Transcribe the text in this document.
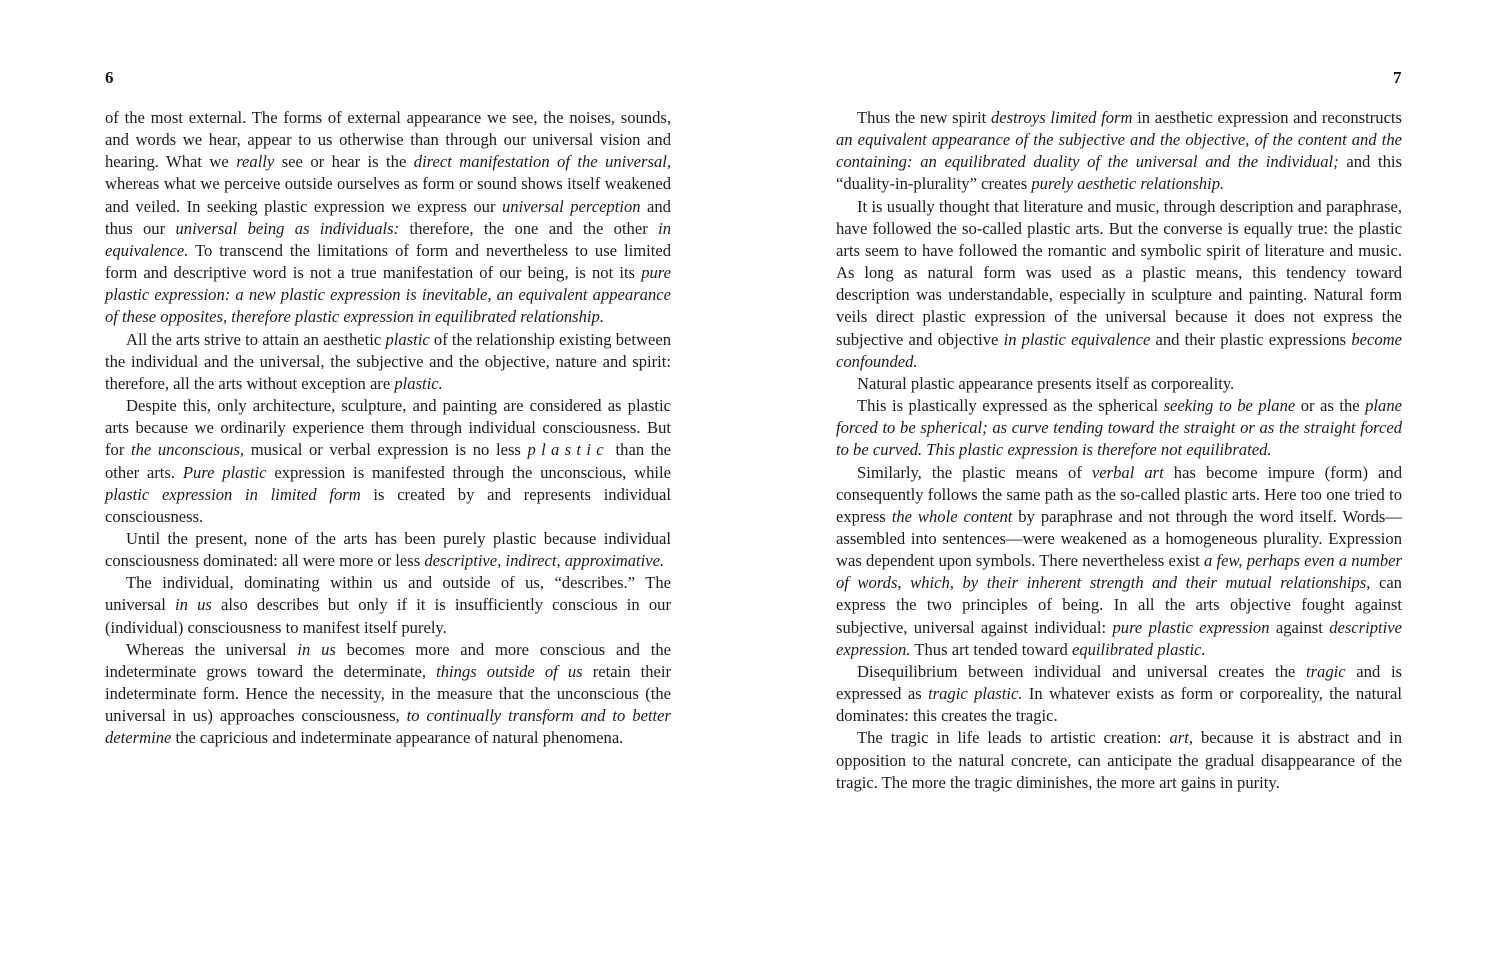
6

of the most external. The forms of external appearance we see, the noises, sounds, and words we hear, appear to us otherwise than through our universal vision and hearing. What we really see or hear is the direct manifestation of the universal, whereas what we perceive outside ourselves as form or sound shows itself weakened and veiled. In seeking plastic expression we express our universal perception and thus our universal being as individuals: therefore, the one and the other in equivalence. To transcend the limitations of form and nevertheless to use limited form and descriptive word is not a true manifestation of our being, is not its pure plastic expression: a new plastic expression is inevitable, an equivalent appearance of these opposites, therefore plastic expression in equilibrated relationship.

All the arts strive to attain an aesthetic plastic of the relationship existing between the individual and the universal, the subjective and the objective, nature and spirit: therefore, all the arts without exception are plastic.

Despite this, only architecture, sculpture, and painting are considered as plastic arts because we ordinarily experience them through individual consciousness. But for the unconscious, musical or verbal expression is no less plastic than the other arts. Pure plastic expression is manifested through the unconscious, while plastic expression in limited form is created by and represents individual consciousness.

Until the present, none of the arts has been purely plastic because individual consciousness dominated: all were more or less descriptive, indirect, approximative.

The individual, dominating within us and outside of us, “describes.” The universal in us also describes but only if it is insufficiently conscious in our (individual) consciousness to manifest itself purely.

Whereas the universal in us becomes more and more conscious and the indeterminate grows toward the determinate, things outside of us retain their indeterminate form. Hence the necessity, in the measure that the unconscious (the universal in us) approaches consciousness, to continually transform and to better determine the capricious and indeterminate appearance of natural phenomena.

7

Thus the new spirit destroys limited form in aesthetic expression and reconstructs an equivalent appearance of the subjective and the objective, of the content and the containing: an equilibrated duality of the universal and the individual; and this “duality-in-plurality” creates purely aesthetic relationship.

It is usually thought that literature and music, through description and paraphrase, have followed the so-called plastic arts. But the converse is equally true: the plastic arts seem to have followed the romantic and symbolic spirit of literature and music. As long as natural form was used as a plastic means, this tendency toward description was understandable, especially in sculpture and painting. Natural form veils direct plastic expression of the universal because it does not express the subjective and objective in plastic equivalence and their plastic expressions become confounded.

Natural plastic appearance presents itself as corporeality.

This is plastically expressed as the spherical seeking to be plane or as the plane forced to be spherical; as curve tending toward the straight or as the straight forced to be curved. This plastic expression is therefore not equilibrated.

Similarly, the plastic means of verbal art has become impure (form) and consequently follows the same path as the so-called plastic arts. Here too one tried to express the whole content by paraphrase and not through the word itself. Words—assembled into sentences—were weakened as a homogeneous plurality. Expression was dependent upon symbols. There nevertheless exist a few, perhaps even a number of words, which, by their inherent strength and their mutual relationships, can express the two principles of being. In all the arts objective fought against subjective, universal against individual: pure plastic expression against descriptive expression. Thus art tended toward equilibrated plastic.

Disequilibrium between individual and universal creates the tragic and is expressed as tragic plastic. In whatever exists as form or corporeality, the natural dominates: this creates the tragic.

The tragic in life leads to artistic creation: art, because it is abstract and in opposition to the natural concrete, can anticipate the gradual disappearance of the tragic. The more the tragic diminishes, the more art gains in purity.
